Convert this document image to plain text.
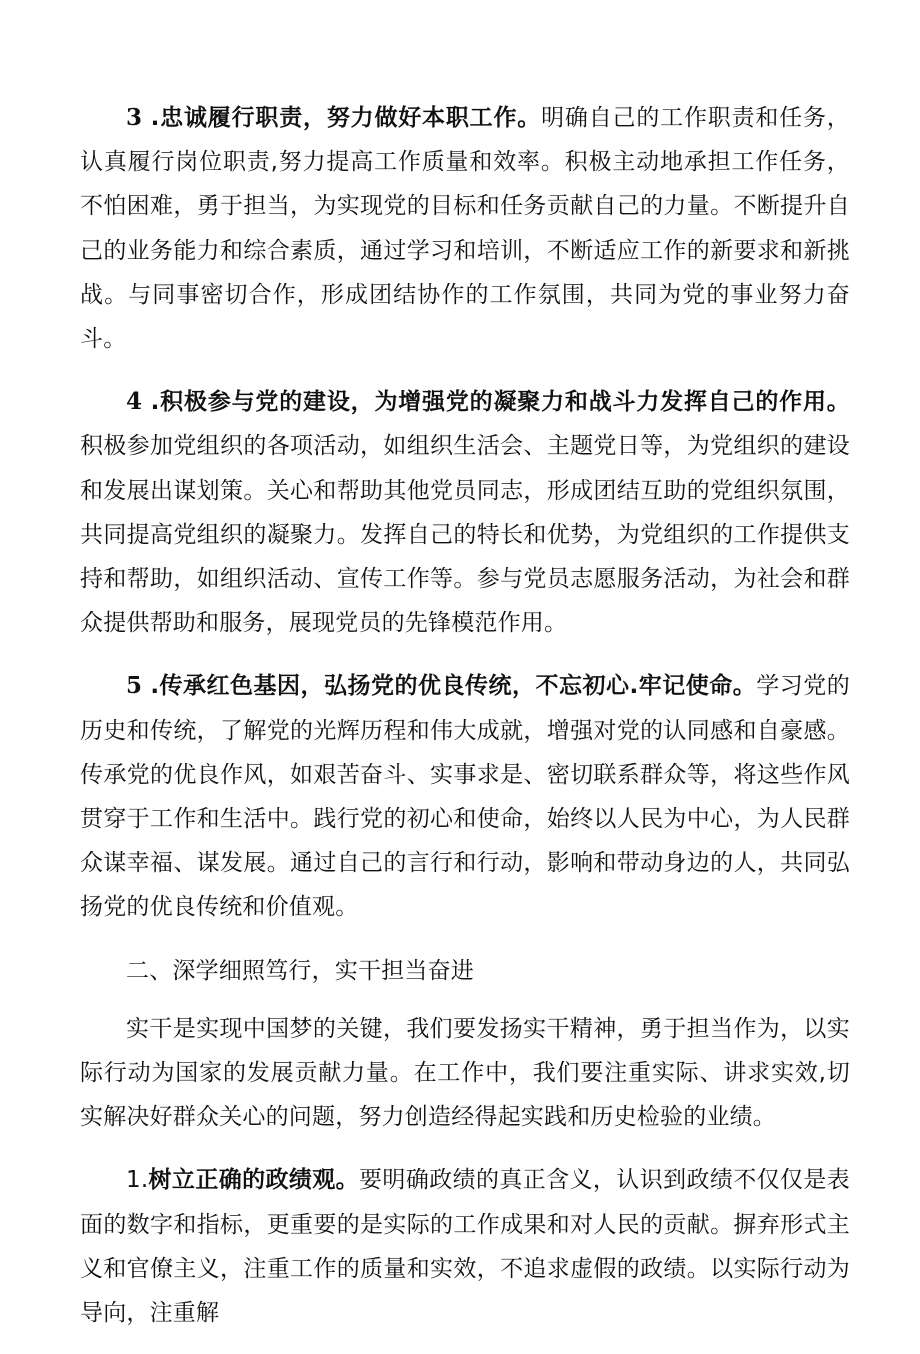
3 .忠诚履行职责，努力做好本职工作。明确自己的工作职责和任务，认真履行岗位职责,努力提高工作质量和效率。积极主动地承担工作任务，不怕困难，勇于担当，为实现党的目标和任务贡献自己的力量。不断提升自己的业务能力和综合素质，通过学习和培训，不断适应工作的新要求和新挑战。与同事密切合作，形成团结协作的工作氛围，共同为党的事业努力奋斗。

4 .积极参与党的建设，为增强党的凝聚力和战斗力发挥自己的作用。积极参加党组织的各项活动，如组织生活会、主题党日等，为党组织的建设和发展出谋划策。关心和帮助其他党员同志，形成团结互助的党组织氛围，共同提高党组织的凝聚力。发挥自己的特长和优势，为党组织的工作提供支持和帮助，如组织活动、宣传工作等。参与党员志愿服务活动，为社会和群众提供帮助和服务，展现党员的先锋模范作用。

5 .传承红色基因，弘扬党的优良传统，不忘初心.牢记使命。学习党的历史和传统，了解党的光辉历程和伟大成就，增强对党的认同感和自豪感。传承党的优良作风，如艰苦奋斗、实事求是、密切联系群众等，将这些作风贯穿于工作和生活中。践行党的初心和使命，始终以人民为中心，为人民群众谋幸福、谋发展。通过自己的言行和行动，影响和带动身边的人，共同弘扬党的优良传统和价值观。

二、深学细照笃行，实干担当奋进

实干是实现中国梦的关键，我们要发扬实干精神，勇于担当作为，以实际行动为国家的发展贡献力量。在工作中，我们要注重实际、讲求实效,切实解决好群众关心的问题，努力创造经得起实践和历史检验的业绩。

1.树立正确的政绩观。要明确政绩的真正含义，认识到政绩不仅仅是表面的数字和指标，更重要的是实际的工作成果和对人民的贡献。摒弃形式主义和官僚主义，注重工作的质量和实效，不追求虚假的政绩。以实际行动为导向，注重解
